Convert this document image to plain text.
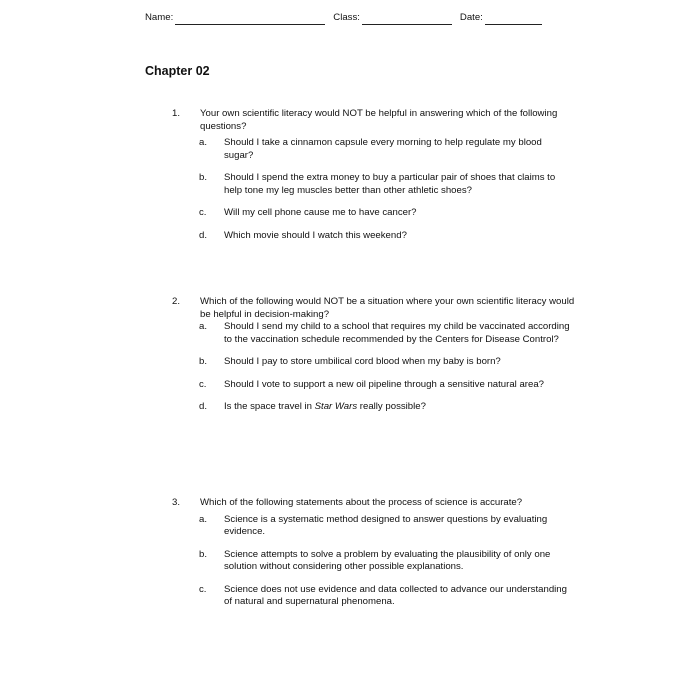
Name:	Class:	Date:
Chapter 02
1.	Your own scientific literacy would NOT be helpful in answering which of the following questions?
a.	Should I take a cinnamon capsule every morning to help regulate my blood sugar?
b.	Should I spend the extra money to buy a particular pair of shoes that claims to help tone my leg muscles better than other athletic shoes?
c.	Will my cell phone cause me to have cancer?
d.	Which movie should I watch this weekend?
2.	Which of the following would NOT be a situation where your own scientific literacy would be helpful in decision-making?
a.	Should I send my child to a school that requires my child be vaccinated according to the vaccination schedule recommended by the Centers for Disease Control?
b.	Should I pay to store umbilical cord blood when my baby is born?
c.	Should I vote to support a new oil pipeline through a sensitive natural area?
d.	Is the space travel in Star Wars really possible?
3.	Which of the following statements about the process of science is accurate?
a.	Science is a systematic method designed to answer questions by evaluating evidence.
b.	Science attempts to solve a problem by evaluating the plausibility of only one solution without considering other possible explanations.
c.	Science does not use evidence and data collected to advance our understanding of natural and supernatural phenomena.
